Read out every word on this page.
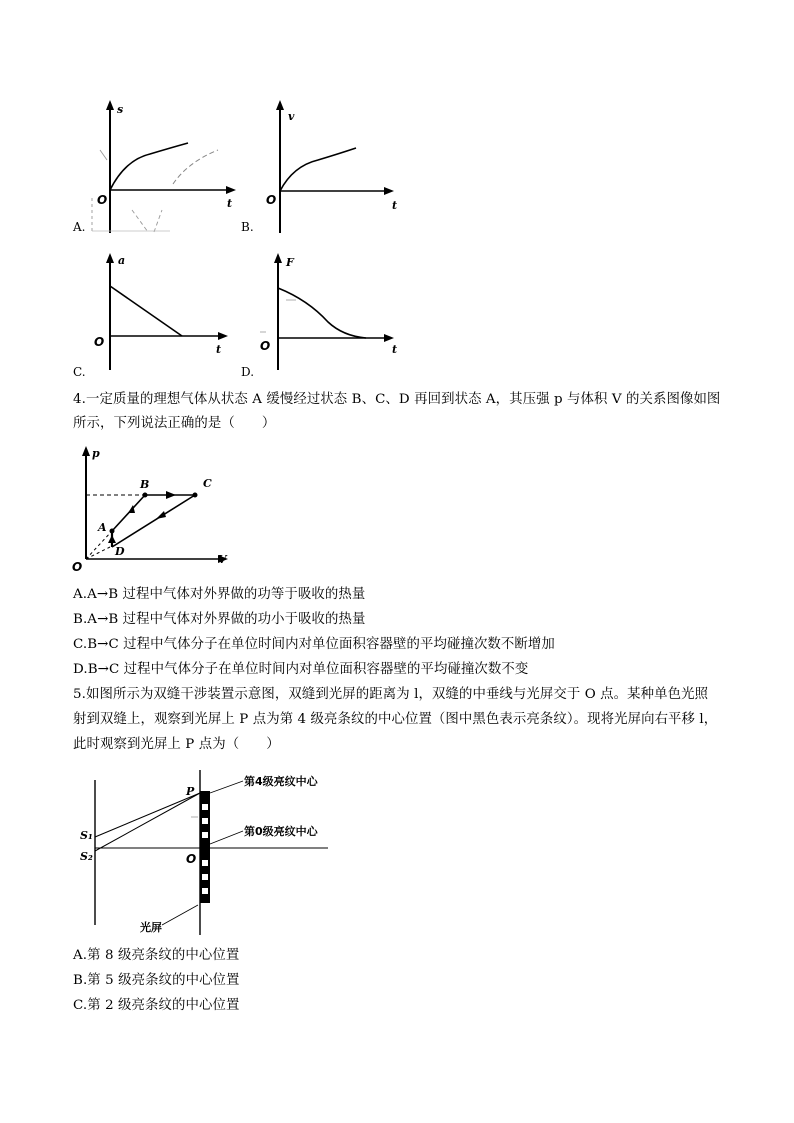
s
O	t
A.
v
O	t
B.
a
O
t
C.
F
O	t
D.
4.一定质量的理想气体从状态 A 缓慢经过状态 B、C、D 再回到状态 A，其压强 p 与体积 V 的关系图像如图
所示，下列说法正确的是（　　）
p
V
O
A
B	C
D
A.A→B 过程中气体对外界做的功等于吸收的热量
B.A→B 过程中气体对外界做的功小于吸收的热量
C.B→C 过程中气体分子在单位时间内对单位面积容器壁的平均碰撞次数不断增加
D.B→C 过程中气体分子在单位时间内对单位面积容器壁的平均碰撞次数不变
5.如图所示为双缝干涉装置示意图，双缝到光屏的距离为 l，双缝的中垂线与光屏交于 O 点。某种单色光照
射到双缝上，观察到光屏上 P 点为第 4 级亮条纹的中心位置（图中黑色表示亮条纹）。现将光屏向右平移 l，
此时观察到光屏上 P 点为（　　）
P
O
S₁
S₂
第4级亮纹中心
第0级亮纹中心
光屏
A.第 8 级亮条纹的中心位置
B.第 5 级亮条纹的中心位置
C.第 2 级亮条纹的中心位置
